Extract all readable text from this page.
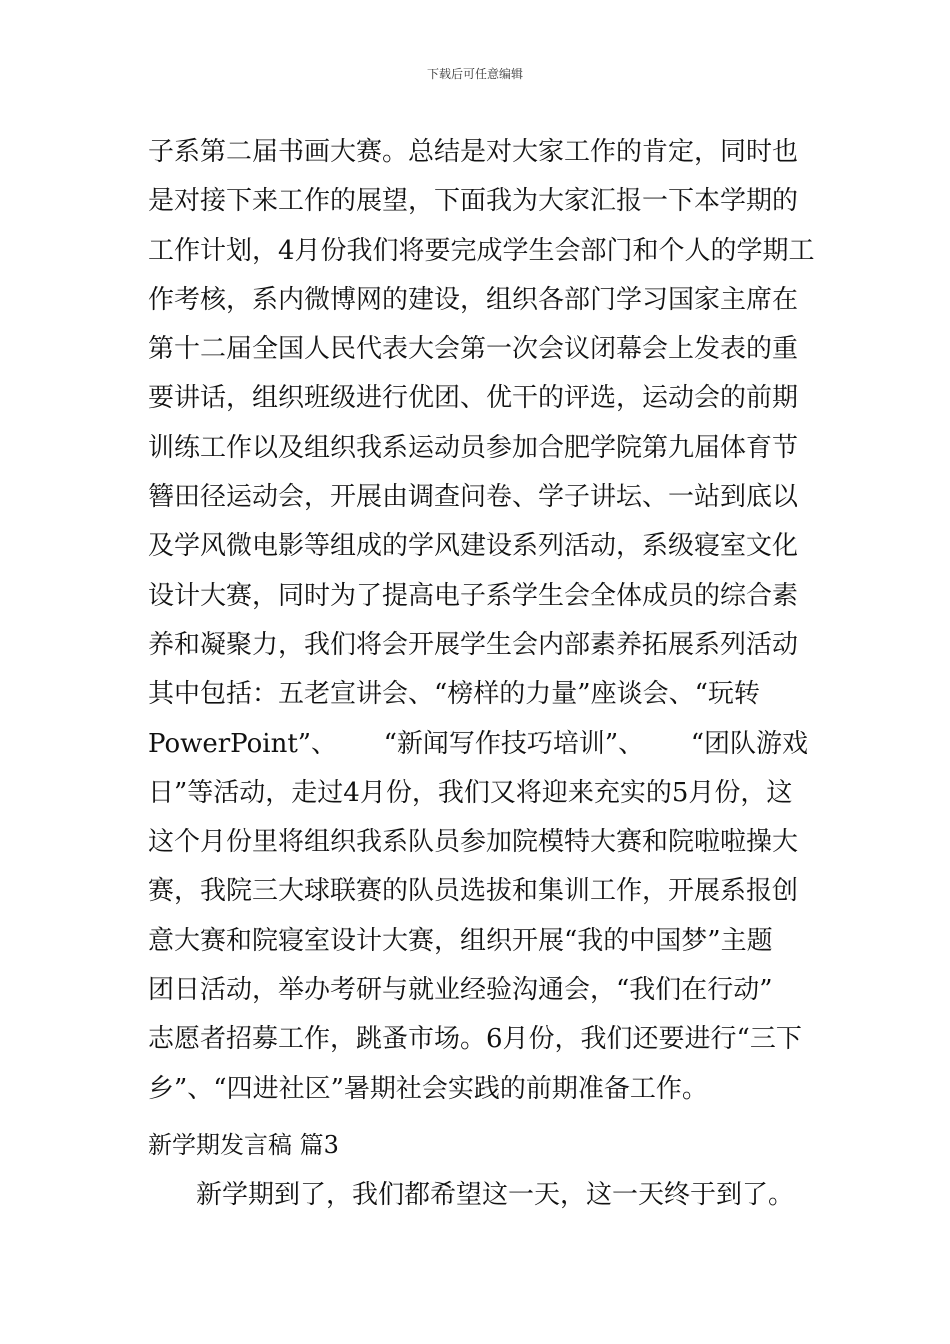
下载后可任意编辑
子系第二届书画大赛。总结是对大家工作的肯定，同时也
是对接下来工作的展望，下面我为大家汇报一下本学期的
工作计划，4月份我们将要完成学生会部门和个人的学期工
作考核，系内微博网的建设，组织各部门学习国家主席在
第十二届全国人民代表大会第一次会议闭幕会上发表的重
要讲话，组织班级进行优团、优干的评选，运动会的前期
训练工作以及组织我系运动员参加合肥学院第九届体育节
簪田径运动会，开展由调查问卷、学子讲坛、一站到底以
及学风微电影等组成的学风建设系列活动，系级寝室文化
设计大赛，同时为了提高电子系学生会全体成员的综合素
养和凝聚力，我们将会开展学生会内部素养拓展系列活动
其中包括：五老宣讲会、“榜样的力量”座谈会、“玩转
PowerPoint”、 “新闻写作技巧培训”、 “团队游戏
日”等活动，走过4月份，我们又将迎来充实的5月份，这
这个月份里将组织我系队员参加院模特大赛和院啦啦操大
赛，我院三大球联赛的队员选拔和集训工作，开展系报创
意大赛和院寝室设计大赛，组织开展“我的中国梦”主题
团日活动，举办考研与就业经验沟通会，“我们在行动”
志愿者招募工作，跳蚤市场。6月份，我们还要进行“三下
乡”、“四进社区”暑期社会实践的前期准备工作。
新学期发言稿 篇3
新学期到了，我们都希望这一天，这一天终于到了。
